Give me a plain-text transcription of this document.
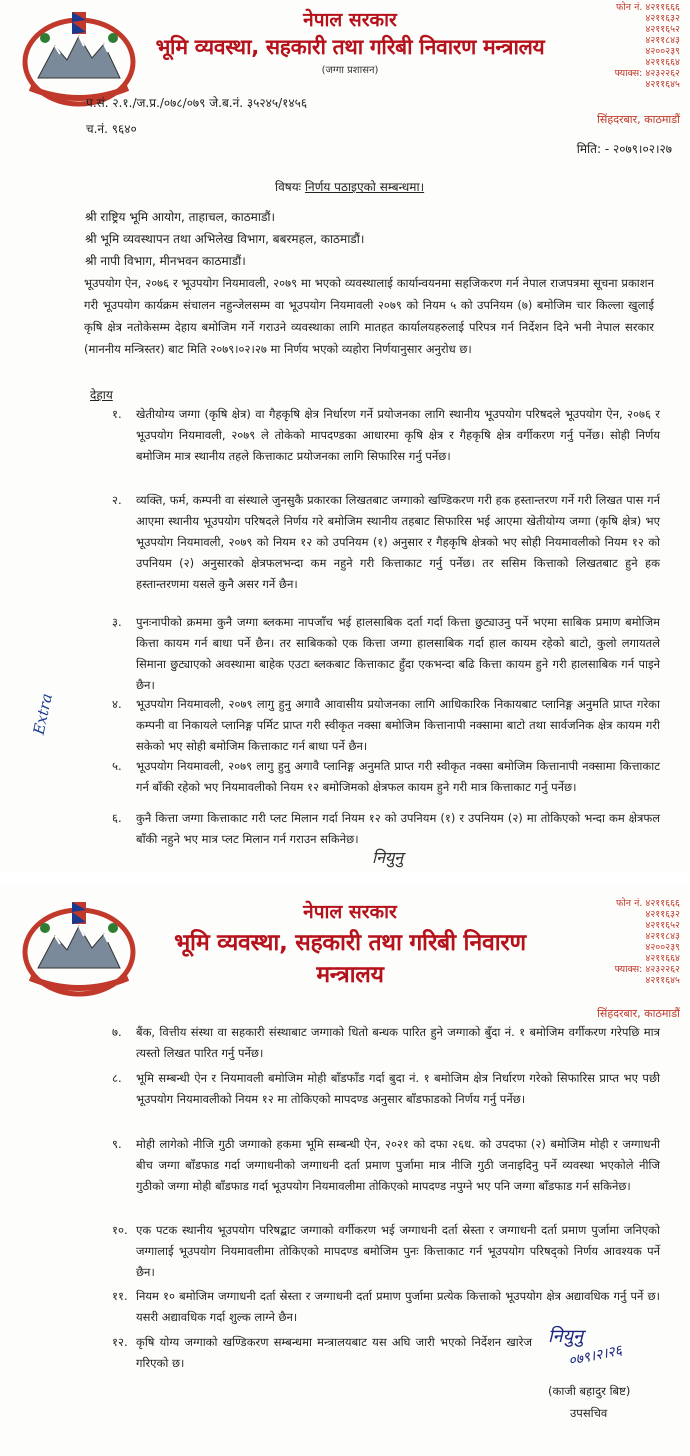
नेपाल सरकार
भूमि व्यवस्था, सहकारी तथा गरिबी निवारण मन्त्रालय
(जग्गा प्रशासन)
फोन नं. ४२११६६६
४२११६३२
४२११६५२
४२११८४३
४२००२३९
४२११६६४
फ्याक्स: ४२३२२६२
४२११६४५
सिंहदरबार, काठमाडौं
प.सं. २.१./ज.प्र./०७८/०७९ जे.ब.नं. ३५२४५/१४५६
च.नं. ९६४०
मिति: - २०७९।०२।२७
विषयः निर्णय पठाइएको सम्बन्धमा।
श्री राष्ट्रिय भूमि आयोग, ताहाचल, काठमाडौं।
श्री भूमि व्यवस्थापन तथा अभिलेख विभाग, बबरमहल, काठमाडौं।
श्री नापी विभाग, मीनभवन काठमाडौं।
भूउपयोग ऐन, २०७६ र भूउपयोग नियमावली, २०७९ मा भएको व्यवस्थालाई कार्यान्वयनमा सहजिकरण गर्न नेपाल राजपत्रमा सूचना प्रकाशन गरी भूउपयोग कार्यक्रम संचालन नहुन्जेलसम्म वा भूउपयोग नियमावली २०७९ को नियम ५ को उपनियम (७) बमोजिम चार किल्ला खुलाई कृषि क्षेत्र नतोकेसम्म देहाय बमोजिम गर्ने गराउने व्यवस्थाका लागि मातहत कार्यालयहरुलाई परिपत्र गर्न निर्देशन दिने भनी नेपाल सरकार (माननीय मन्त्रिस्तर) बाट मिति २०७९।०२।२७ मा निर्णय भएको व्यहोरा निर्णयानुसार अनुरोध छ।
देहाय
१.	खेतीयोग्य जग्गा (कृषि क्षेत्र) वा गैहकृषि क्षेत्र निर्धारण गर्ने प्रयोजनका लागि स्थानीय भूउपयोग परिषदले भूउपयोग ऐन, २०७६ र भूउपयोग नियमावली, २०७९ ले तोकेको मापदण्डका आधारमा कृषि क्षेत्र र गैहकृषि क्षेत्र वर्गीकरण गर्नु पर्नेछ। सोही निर्णय बमोजिम मात्र स्थानीय तहले कित्ताकाट प्रयोजनका लागि सिफारिस गर्नु पर्नेछ।
२.	व्यक्ति, फर्म, कम्पनी वा संस्थाले जुनसुकै प्रकारका लिखतबाट जग्गाको खण्डिकरण गरी हक हस्तान्तरण गर्ने गरी लिखत पास गर्न आएमा स्थानीय भूउपयोग परिषदले निर्णय गरे बमोजिम स्थानीय तहबाट सिफारिस भई आएमा खेतीयोग्य जग्गा (कृषि क्षेत्र) भए भूउपयोग नियमावली, २०७९ को नियम १२ को उपनियम (१) अनुसार र गैहकृषि क्षेत्रको भए सोही नियमावलीको नियम १२ को उपनियम (२) अनुसारको क्षेत्रफलभन्दा कम नहुने गरी कित्ताकाट गर्नु पर्नेछ। तर ससिम कित्ताको लिखतबाट हुने हक हस्तान्तरणमा यसले कुनै असर गर्ने छैन।
३.	पुनःनापीको क्रममा कुनै जग्गा ब्लकमा नापजाँच भई हालसाबिक दर्ता गर्दा कित्ता छुट्याउनु पर्ने भएमा साबिक प्रमाण बमोजिम कित्ता कायम गर्न बाधा पर्ने छैन। तर साबिकको एक कित्ता जग्गा हालसाबिक गर्दा हाल कायम रहेको बाटो, कुलो लगायतले सिमाना छुट्याएको अवस्थामा बाहेक एउटा ब्लकबाट कित्ताकाट हुँदा एकभन्दा बढि कित्ता कायम हुने गरी हालसाबिक गर्न पाइने छैन।
४.	भूउपयोग नियमावली, २०७९ लागु हुनु अगावै आवासीय प्रयोजनका लागि आधिकारिक निकायबाट प्लानिङ्ग अनुमति प्राप्त गरेका कम्पनी वा निकायले प्लानिङ्ग पर्मिट प्राप्त गरी स्वीकृत नक्सा बमोजिम कित्तानापी नक्सामा बाटो तथा सार्वजनिक क्षेत्र कायम गरी सकेको भए सोही बमोजिम कित्ताकाट गर्न बाधा पर्ने छैन।
५.	भूउपयोग नियमावली, २०७९ लागु हुनु अगावै प्लानिङ्ग अनुमति प्राप्त गरी स्वीकृत नक्सा बमोजिम कित्तानापी नक्सामा कित्ताकाट गर्न बाँकी रहेको भए नियमावलीको नियम १२ बमोजिमको क्षेत्रफल कायम हुने गरी मात्र कित्ताकाट गर्नु पर्नेछ।
६.	कुनै कित्ता जग्गा कित्ताकाट गरी प्लट मिलान गर्दा नियम १२ को उपनियम (१) र उपनियम (२) मा तोकिएको भन्दा कम क्षेत्रफल बाँकी नहुने भए मात्र प्लट मिलान गर्न गराउन सकिनेछ।
Extra
नियुनु
नेपाल सरकार
भूमि व्यवस्था, सहकारी तथा गरिबी निवारण मन्त्रालय
फोन नं. ४२११६६६
४२११६३२
४२११६५२
४२११८४३
४२००२३९
४२११६६४
फ्याक्स: ४२३२२६२
४२११६४५
सिंहदरबार, काठमाडौं
७.	बैंक, वित्तीय संस्था वा सहकारी संस्थाबाट जग्गाको धितो बन्धक पारित हुने जग्गाको बुँदा नं. १ बमोजिम वर्गीकरण गरेपछि मात्र त्यस्तो लिखत पारित गर्नु पर्नेछ।
८.	भूमि सम्बन्धी ऐन र नियमावली बमोजिम मोही बाँडफाँड गर्दा बुदा नं. १ बमोजिम क्षेत्र निर्धारण गरेको सिफारिस प्राप्त भए पछी भूउपयोग नियमावलीको नियम १२ मा तोकिएको मापदण्ड अनुसार बाँडफाडको निर्णय गर्नु पर्नेछ।
९.	मोही लागेको नीजि गुठी जग्गाको हकमा भूमि सम्बन्धी ऐन, २०२१ को दफा २६ध. को उपदफा (२) बमोजिम मोही र जग्गाधनी बीच जग्गा बाँडफाड गर्दा जग्गाधनीको जग्गाधनी दर्ता प्रमाण पुर्जामा मात्र नीजि गुठी जनाइदिनु पर्ने व्यवस्था भएकोले नीजि गुठीको जग्गा मोही बाँडफाड गर्दा भूउपयोग नियमावलीमा तोकिएको मापदण्ड नपुग्ने भए पनि जग्गा बाँडफाड गर्न सकिनेछ।
१०. एक पटक स्थानीय भूउपयोग परिषद्बाट जग्गाको वर्गीकरण भई जग्गाधनी दर्ता स्रेस्ता र जग्गाधनी दर्ता प्रमाण पुर्जामा जनिएको जग्गालाई भूउपयोग नियमावलीमा तोकिएको मापदण्ड बमोजिम पुनः कित्ताकाट गर्न भूउपयोग परिषद्को निर्णय आवश्यक पर्ने छैन।
११. नियम १० बमोजिम जग्गाधनी दर्ता स्रेस्ता र जग्गाधनी दर्ता प्रमाण पुर्जामा प्रत्येक कित्ताको भूउपयोग क्षेत्र अद्यावधिक गर्नु पर्ने छ। यसरी अद्यावधिक गर्दा शुल्क लाग्ने छैन।
१२. कृषि योग्य जग्गाको खण्डिकरण सम्बन्धमा मन्त्रालयबाट यस अघि जारी भएको निर्देशन खारेज गरिएको छ।
नियुनु
०७९।२।२६
(काजी बहादुर बिष्ट)
उपसचिव
